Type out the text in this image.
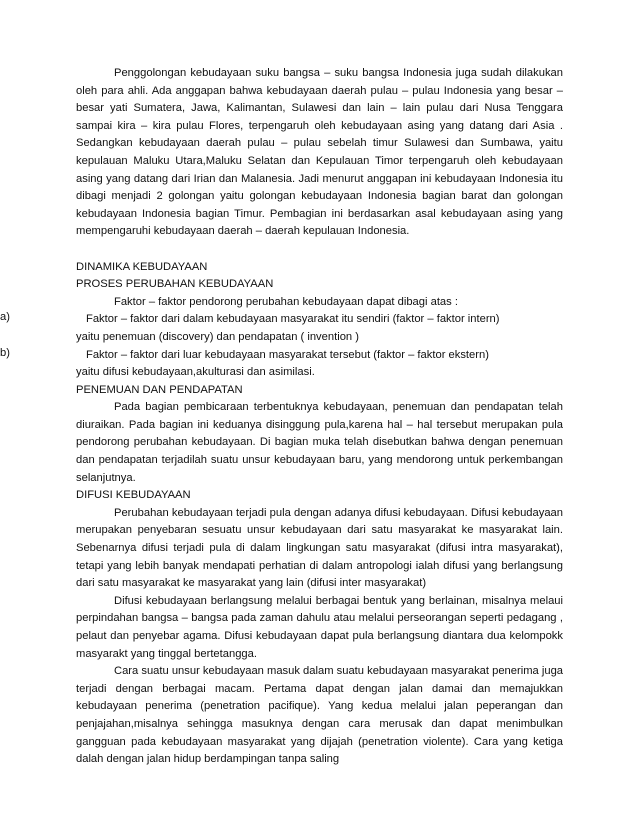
Penggolongan kebudayaan suku bangsa – suku bangsa Indonesia juga sudah dilakukan oleh para ahli. Ada anggapan bahwa kebudayaan daerah pulau – pulau Indonesia yang besar – besar yati Sumatera, Jawa, Kalimantan, Sulawesi dan lain – lain pulau dari Nusa Tenggara sampai kira – kira pulau Flores, terpengaruh oleh kebudayaan asing yang datang dari Asia . Sedangkan kebudayaan daerah pulau – pulau sebelah timur Sulawesi dan Sumbawa, yaitu kepulauan Maluku Utara,Maluku Selatan dan Kepulauan Timor terpengaruh oleh kebudayaan asing yang datang dari Irian dan Malanesia. Jadi menurut anggapan ini kebudayaan Indonesia itu dibagi menjadi 2 golongan yaitu golongan kebudayaan Indonesia bagian barat dan golongan kebudayaan Indonesia bagian Timur. Pembagian ini berdasarkan asal kebudayaan asing yang mempengaruhi kebudayaan daerah – daerah kepulauan Indonesia.

DINAMIKA KEBUDAYAAN
PROSES PERUBAHAN KEBUDAYAAN

Faktor – faktor pendorong perubahan kebudayaan dapat dibagi atas :

a)	Faktor – faktor dari dalam kebudayaan masyarakat itu sendiri (faktor – faktor intern)

yaitu penemuan (discovery) dan pendapatan ( invention )

b)	Faktor – faktor dari luar kebudayaan masyarakat tersebut (faktor – faktor ekstern)

yaitu difusi kebudayaan,akulturasi dan asimilasi.

PENEMUAN DAN PENDAPATAN

Pada bagian pembicaraan terbentuknya kebudayaan, penemuan dan pendapatan telah diuraikan. Pada bagian ini keduanya disinggung pula,karena hal – hal tersebut merupakan pula pendorong perubahan kebudayaan. Di bagian muka telah disebutkan bahwa dengan penemuan dan pendapatan terjadilah suatu unsur kebudayaan baru, yang mendorong untuk perkembangan selanjutnya.

DIFUSI KEBUDAYAAN

Perubahan kebudayaan terjadi pula dengan adanya difusi kebudayaan. Difusi kebudayaan merupakan penyebaran sesuatu unsur kebudayaan dari satu masyarakat ke masyarakat lain. Sebenarnya difusi terjadi pula di dalam lingkungan satu masyarakat (difusi intra masyarakat), tetapi yang lebih banyak mendapati perhatian di dalam antropologi ialah difusi yang berlangsung dari satu masyarakat ke masyarakat yang lain (difusi inter masyarakat)

Difusi kebudayaan berlangsung melalui berbagai bentuk yang berlainan, misalnya melaui perpindahan bangsa – bangsa pada zaman dahulu atau melalui perseorangan seperti pedagang , pelaut dan penyebar agama. Difusi kebudayaan dapat pula berlangsung diantara dua kelompokk masyarakt yang tinggal bertetangga.

Cara suatu unsur kebudayaan masuk dalam suatu kebudayaan masyarakat penerima juga terjadi dengan berbagai macam. Pertama dapat dengan jalan damai dan memajukkan kebudayaan penerima (penetration pacifique). Yang kedua melalui jalan peperangan dan penjajahan,misalnya sehingga masuknya dengan cara merusak dan dapat menimbulkan gangguan pada kebudayaan masyarakat yang dijajah (penetration violente). Cara yang ketiga dalah dengan jalan hidup berdampingan tanpa saling
